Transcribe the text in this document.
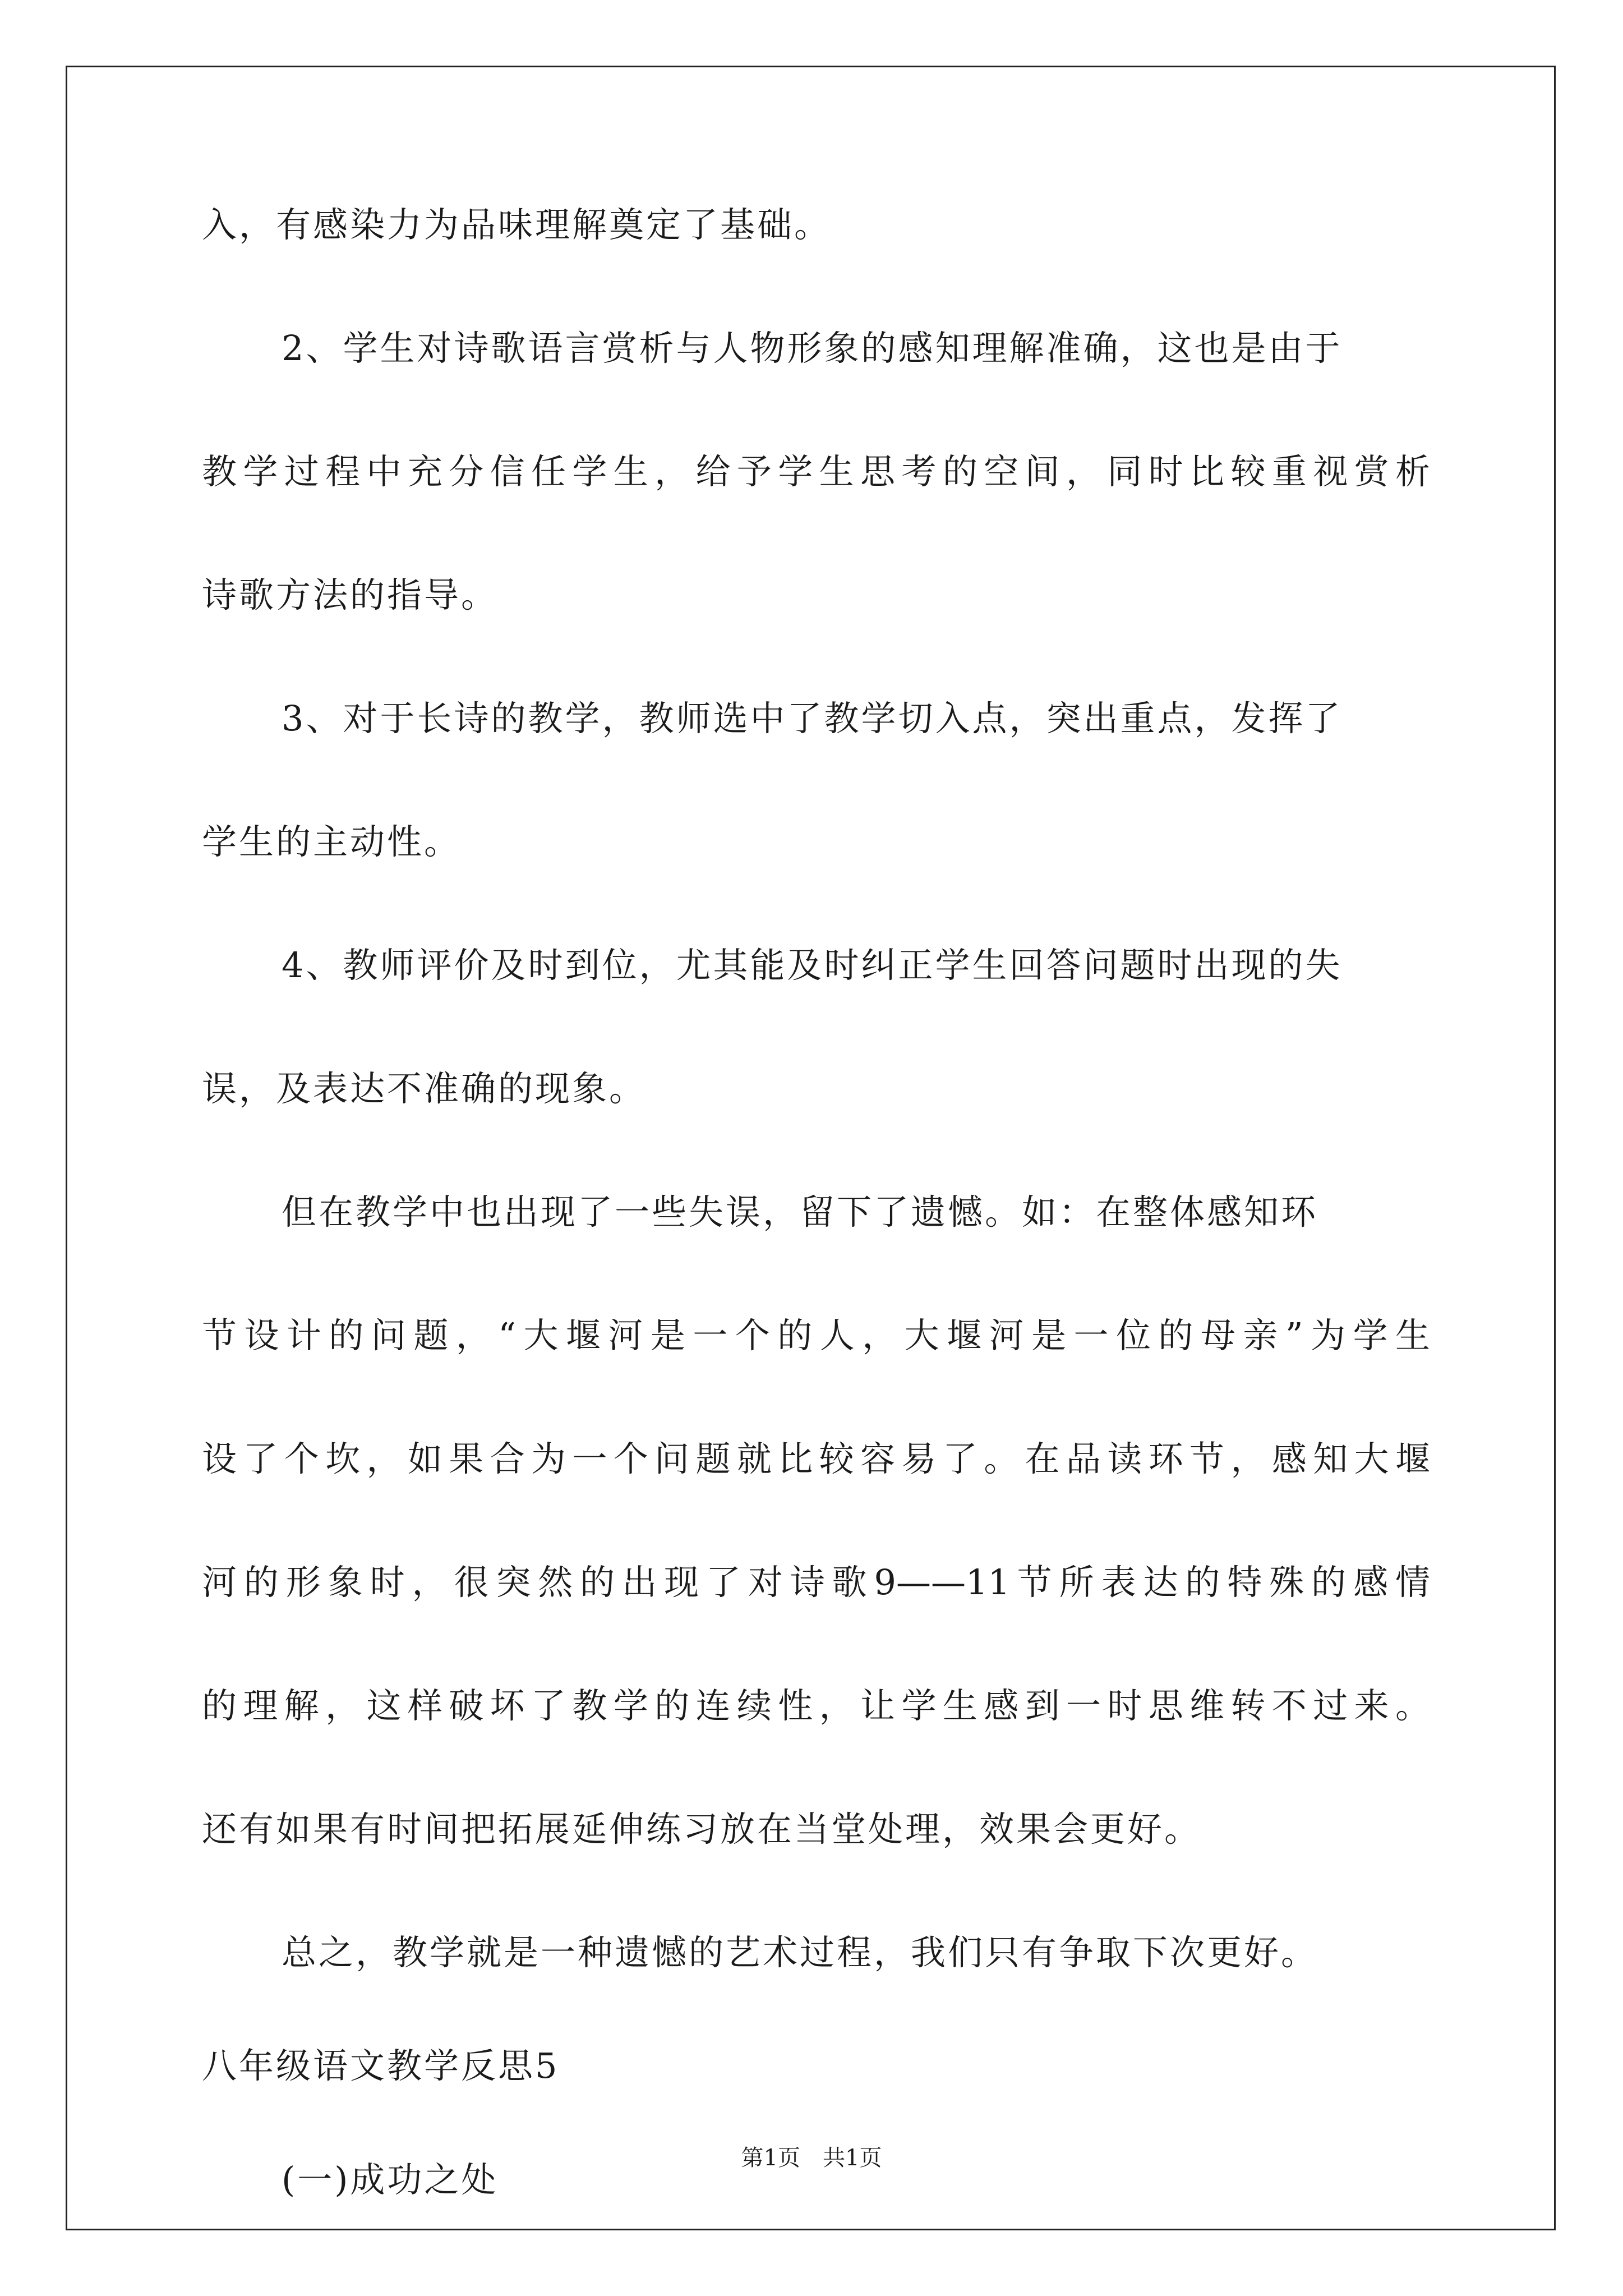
入，有感染力为品味理解奠定了基础。
2、学生对诗歌语言赏析与人物形象的感知理解准确，这也是由于
教学过程中充分信任学生，给予学生思考的空间，同时比较重视赏析
诗歌方法的指导。
3、对于长诗的教学，教师选中了教学切入点，突出重点，发挥了
学生的主动性。
4、教师评价及时到位，尤其能及时纠正学生回答问题时出现的失
误，及表达不准确的现象。
但在教学中也出现了一些失误，留下了遗憾。如：在整体感知环
节设计的问题，“大堰河是一个的人，大堰河是一位的母亲”为学生
设了个坎，如果合为一个问题就比较容易了。在品读环节，感知大堰
河的形象时，很突然的出现了对诗歌9——11节所表达的特殊的感情
的理解，这样破坏了教学的连续性，让学生感到一时思维转不过来。
还有如果有时间把拓展延伸练习放在当堂处理，效果会更好。
总之，教学就是一种遗憾的艺术过程，我们只有争取下次更好。
八年级语文教学反思5
(一)成功之处
第1页　共1页
